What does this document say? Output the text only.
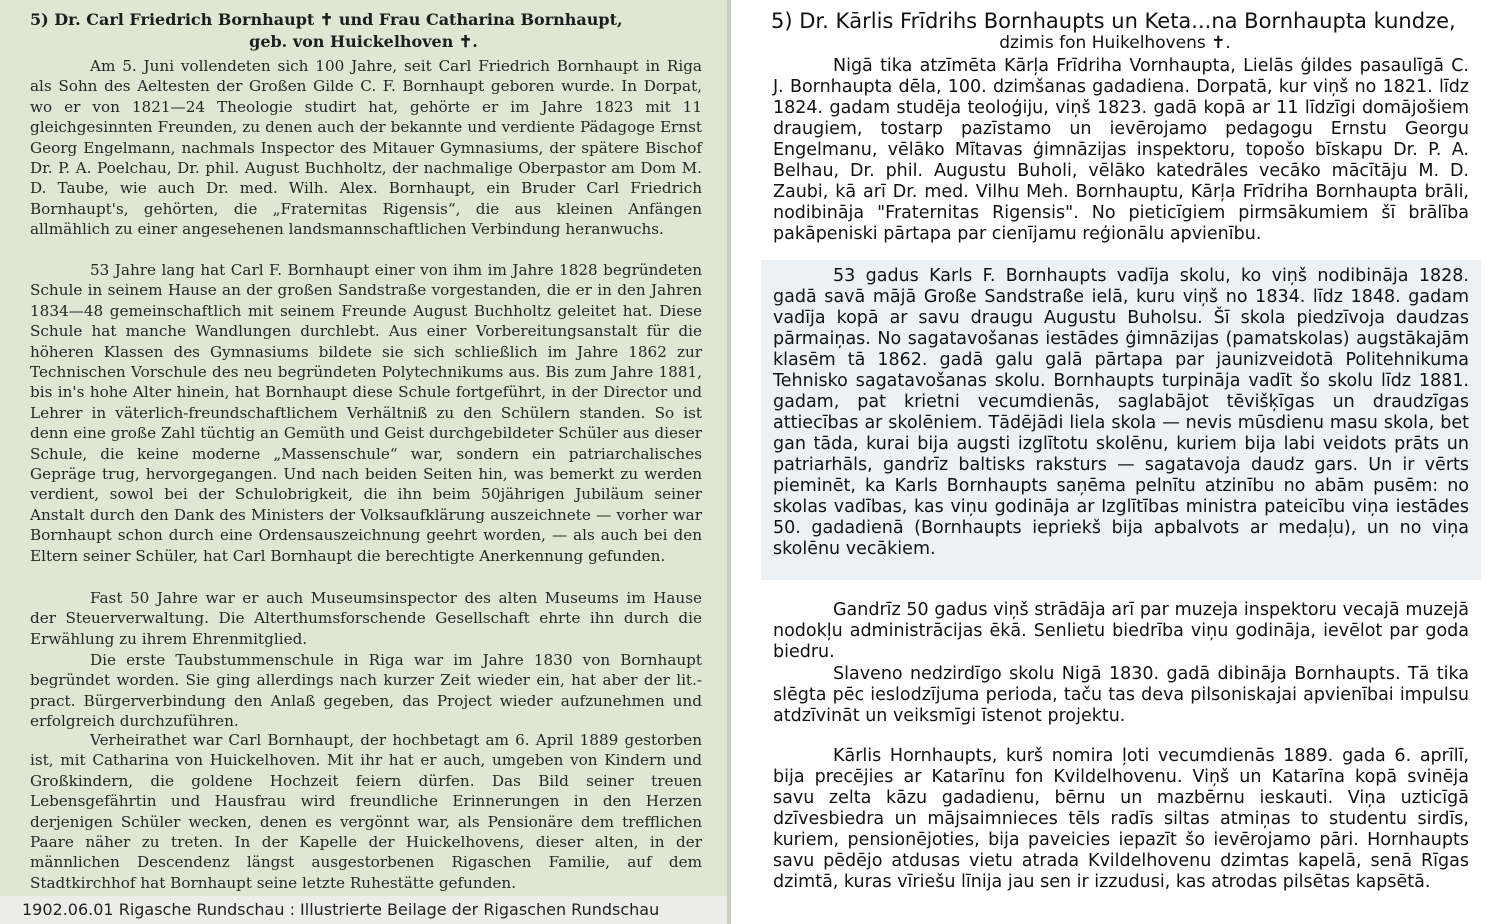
5) Dr. Carl Friedrich Bornhaupt ✝ und Frau Catharina Bornhaupt,
geb. von Huickelhoven ✝.
Am 5. Juni vollendeten sich 100 Jahre, seit Carl Friedrich Bornhaupt in Riga als Sohn des Aeltesten der Großen Gilde C. F. Bornhaupt geboren wurde. In Dorpat, wo er von 1821—24 Theologie studirt hat, gehörte er im Jahre 1823 mit 11 gleichgesinnten Freunden, zu denen auch der bekannte und verdiente Pädagoge Ernst Georg Engelmann, nachmals Inspector des Mitauer Gymnasiums, der spätere Bischof Dr. P. A. Poelchau, Dr. phil. August Buchholtz, der nachmalige Oberpastor am Dom M. D. Taube, wie auch Dr. med. Wilh. Alex. Bornhaupt, ein Bruder Carl Friedrich Bornhaupt's, gehörten, die „Fraternitas Rigensis“, die aus kleinen Anfängen allmählich zu einer angesehenen landsmannschaftlichen Verbindung heranwuchs.
53 Jahre lang hat Carl F. Bornhaupt einer von ihm im Jahre 1828 begründeten Schule in seinem Hause an der großen Sandstraße vorgestanden, die er in den Jahren 1834—48 gemeinschaftlich mit seinem Freunde August Buchholtz geleitet hat. Diese Schule hat manche Wandlungen durchlebt. Aus einer Vorbereitungsanstalt für die höheren Klassen des Gymnasiums bildete sie sich schließlich im Jahre 1862 zur Technischen Vorschule des neu begründeten Polytechnikums aus. Bis zum Jahre 1881, bis in's hohe Alter hinein, hat Bornhaupt diese Schule fortgeführt, in der Director und Lehrer in väterlich-freundschaftlichem Verhältniß zu den Schülern standen. So ist denn eine große Zahl tüchtig an Gemüth und Geist durchgebildeter Schüler aus dieser Schule, die keine moderne „Massenschule“ war, sondern ein patriarchalisches Gepräge trug, hervorgegangen. Und nach beiden Seiten hin, was bemerkt zu werden verdient, sowol bei der Schulobrigkeit, die ihn beim 50jährigen Jubiläum seiner Anstalt durch den Dank des Ministers der Volksaufklärung auszeichnete — vorher war Bornhaupt schon durch eine Ordensauszeichnung geehrt worden, — als auch bei den Eltern seiner Schüler, hat Carl Bornhaupt die berechtigte Anerkennung gefunden.
Fast 50 Jahre war er auch Museumsinspector des alten Museums im Hause der Steuerverwaltung. Die Alterthumsforschende Gesellschaft ehrte ihn durch die Erwählung zu ihrem Ehrenmitglied.
Die erste Taubstummenschule in Riga war im Jahre 1830 von Bornhaupt begründet worden. Sie ging allerdings nach kurzer Zeit wieder ein, hat aber der lit.-pract. Bürgerverbindung den Anlaß gegeben, das Project wieder aufzunehmen und erfolgreich durchzuführen.
Verheirathet war Carl Bornhaupt, der hochbetagt am 6. April 1889 gestorben ist, mit Catharina von Huickelhoven. Mit ihr hat er auch, umgeben von Kindern und Großkindern, die goldene Hochzeit feiern dürfen. Das Bild seiner treuen Lebensgefährtin und Hausfrau wird freundliche Erinnerungen in den Herzen derjenigen Schüler wecken, denen es vergönnt war, als Pensionäre dem trefflichen Paare näher zu treten. In der Kapelle der Huickelhovens, dieser alten, in der männlichen Descendenz längst ausgestorbenen Rigaschen Familie, auf dem Stadtkirchhof hat Bornhaupt seine letzte Ruhestätte gefunden.
1902.06.01 Rigasche Rundschau : Illustrierte Beilage der Rigaschen Rundschau
5) Dr. Kārlis Frīdrihs Bornhaupts un Keta...na Bornhaupta kundze,
dzimis fon Huikelhovens ✝.
Nigā tika atzīmēta Kārļa Frīdriha Vornhaupta, Lielās ģildes pasaulīgā C. J. Bornhaupta dēla, 100. dzimšanas gadadiena. Dorpatā, kur viņš no 1821. līdz 1824. gadam studēja teoloģiju, viņš 1823. gadā kopā ar 11 līdzīgi domājošiem draugiem, tostarp pazīstamo un ievērojamo pedagogu Ernstu Georgu Engelmanu, vēlāko Mītavas ģimnāzijas inspektoru, topošo bīskapu Dr. P. A. Belhau, Dr. phil. Augustu Buholi, vēlāko katedrāles vecāko mācītāju M. D. Zaubi, kā arī Dr. med. Vilhu Meh. Bornhauptu, Kārļa Frīdriha Bornhaupta brāli, nodibināja "Fraternitas Rigensis". No pieticīgiem pirmsākumiem šī brālība pakāpeniski pārtapa par cienījamu reģionālu apvienību.
53 gadus Karls F. Bornhaupts vadīja skolu, ko viņš nodibināja 1828. gadā savā mājā Große Sandstraße ielā, kuru viņš no 1834. līdz 1848. gadam vadīja kopā ar savu draugu Augustu Buholsu. Šī skola piedzīvoja daudzas pārmaiņas. No sagatavošanas iestādes ģimnāzijas (pamatskolas) augstākajām klasēm tā 1862. gadā galu galā pārtapa par jaunizveidotā Politehnikuma Tehnisko sagatavošanas skolu. Bornhaupts turpināja vadīt šo skolu līdz 1881. gadam, pat krietni vecumdienās, saglabājot tēvišķīgas un draudzīgas attiecības ar skolēniem. Tādējādi liela skola — nevis mūsdienu masu skola, bet gan tāda, kurai bija augsti izglītotu skolēnu, kuriem bija labi veidots prāts un patriarhāls, gandrīz baltisks raksturs — sagatavoja daudz gars. Un ir vērts pieminēt, ka Karls Bornhaupts saņēma pelnītu atzinību no abām pusēm: no skolas vadības, kas viņu godināja ar Izglītības ministra pateicību viņa iestādes 50. gadadienā (Bornhaupts iepriekš bija apbalvots ar medaļu), un no viņa skolēnu vecākiem.
Gandrīz 50 gadus viņš strādāja arī par muzeja inspektoru vecajā muzejā nodokļu administrācijas ēkā. Senlietu biedrība viņu godināja, ievēlot par goda biedru.
Slaveno nedzirdīgo skolu Nigā 1830. gadā dibināja Bornhaupts. Tā tika slēgta pēc ieslodzījuma perioda, taču tas deva pilsoniskajai apvienībai impulsu atdzīvināt un veiksmīgi īstenot projektu.
Kārlis Hornhaupts, kurš nomira ļoti vecumdienās 1889. gada 6. aprīlī, bija precējies ar Katarīnu fon Kvildelhovenu. Viņš un Katarīna kopā svinēja savu zelta kāzu gadadienu, bērnu un mazbērnu ieskauti. Viņa uzticīgā dzīvesbiedra un mājsaimnieces tēls radīs siltas atmiņas to studentu sirdīs, kuriem, pensionējoties, bija paveicies iepazīt šo ievērojamo pāri. Hornhaupts savu pēdējo atdusas vietu atrada Kvildelhovenu dzimtas kapelā, senā Rīgas dzimtā, kuras vīriešu līnija jau sen ir izzudusi, kas atrodas pilsētas kapsētā.
